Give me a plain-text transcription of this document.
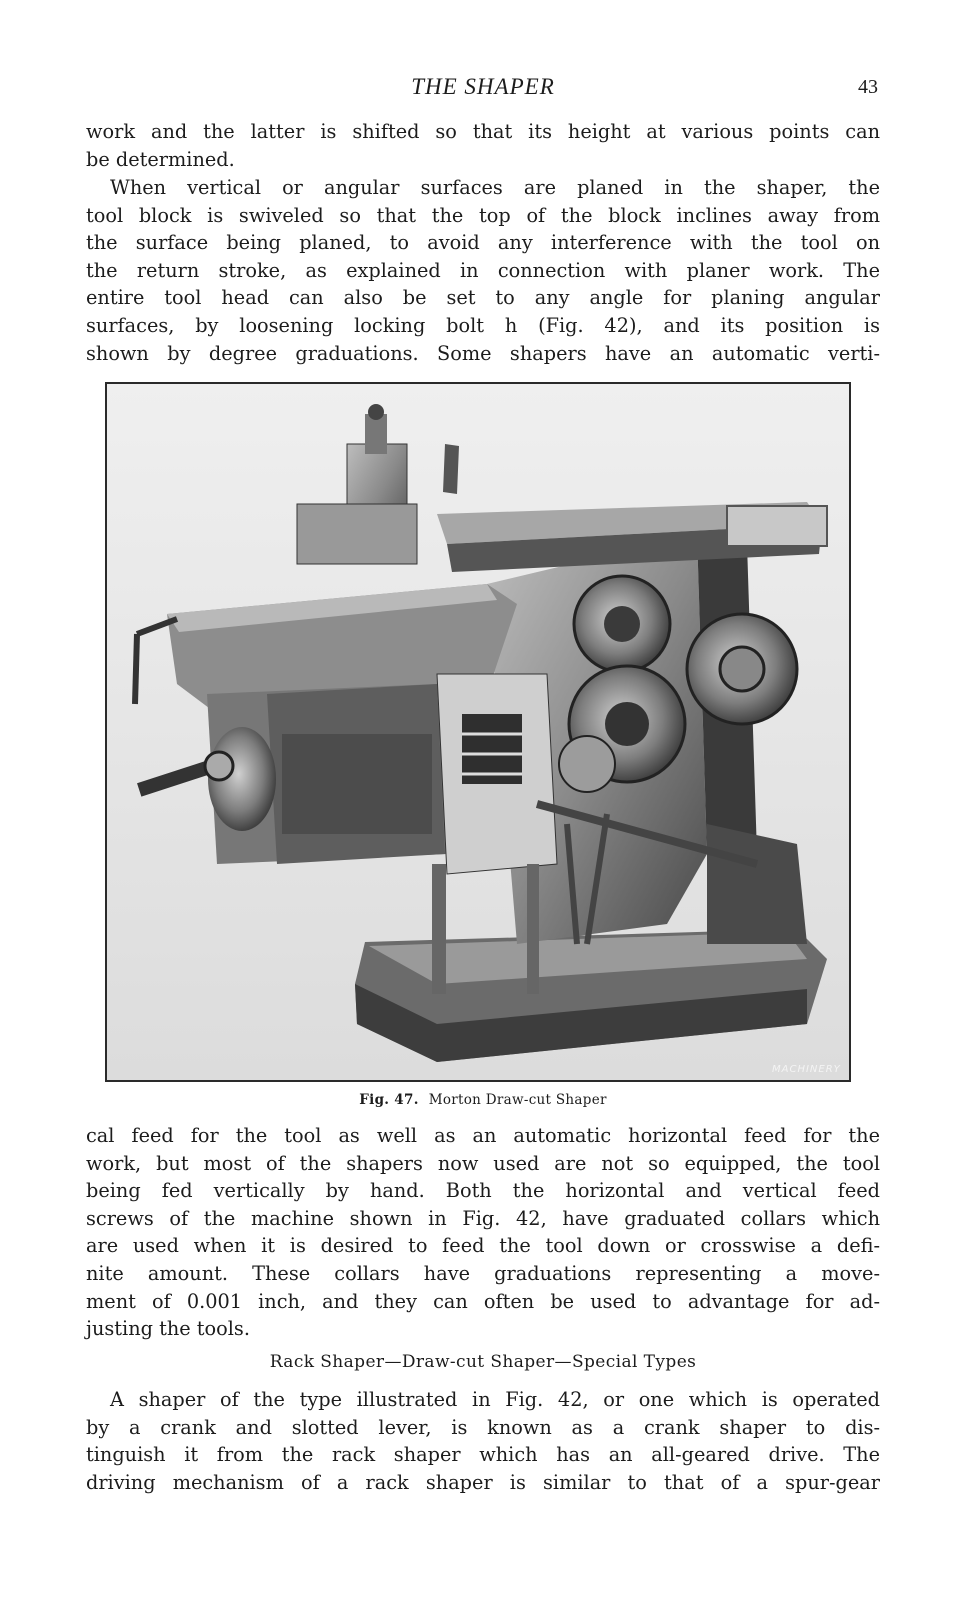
THE SHAPER	43
work and the latter is shifted so that its height at various points can
be determined.
When vertical or angular surfaces are planed in the shaper, the
tool block is swiveled so that the top of the block inclines away from
the surface being planed, to avoid any interference with the tool on
the return stroke, as explained in connection with planer work. The
entire tool head can also be set to any angle for planing angular
surfaces, by loosening locking bolt h (Fig. 42), and its position is
shown by degree graduations. Some shapers have an automatic verti-
MACHINERY
Fig. 47. Morton Draw-cut Shaper
cal feed for the tool as well as an automatic horizontal feed for the
work, but most of the shapers now used are not so equipped, the tool
being fed vertically by hand. Both the horizontal and vertical feed
screws of the machine shown in Fig. 42, have graduated collars which
are used when it is desired to feed the tool down or crosswise a defi-
nite amount. These collars have graduations representing a move-
ment of 0.001 inch, and they can often be used to advantage for ad-
justing the tools.
Rack Shaper—Draw-cut Shaper—Special Types
A shaper of the type illustrated in Fig. 42, or one which is operated
by a crank and slotted lever, is known as a crank shaper to dis-
tinguish it from the rack shaper which has an all-geared drive. The
driving mechanism of a rack shaper is similar to that of a spur-gear
